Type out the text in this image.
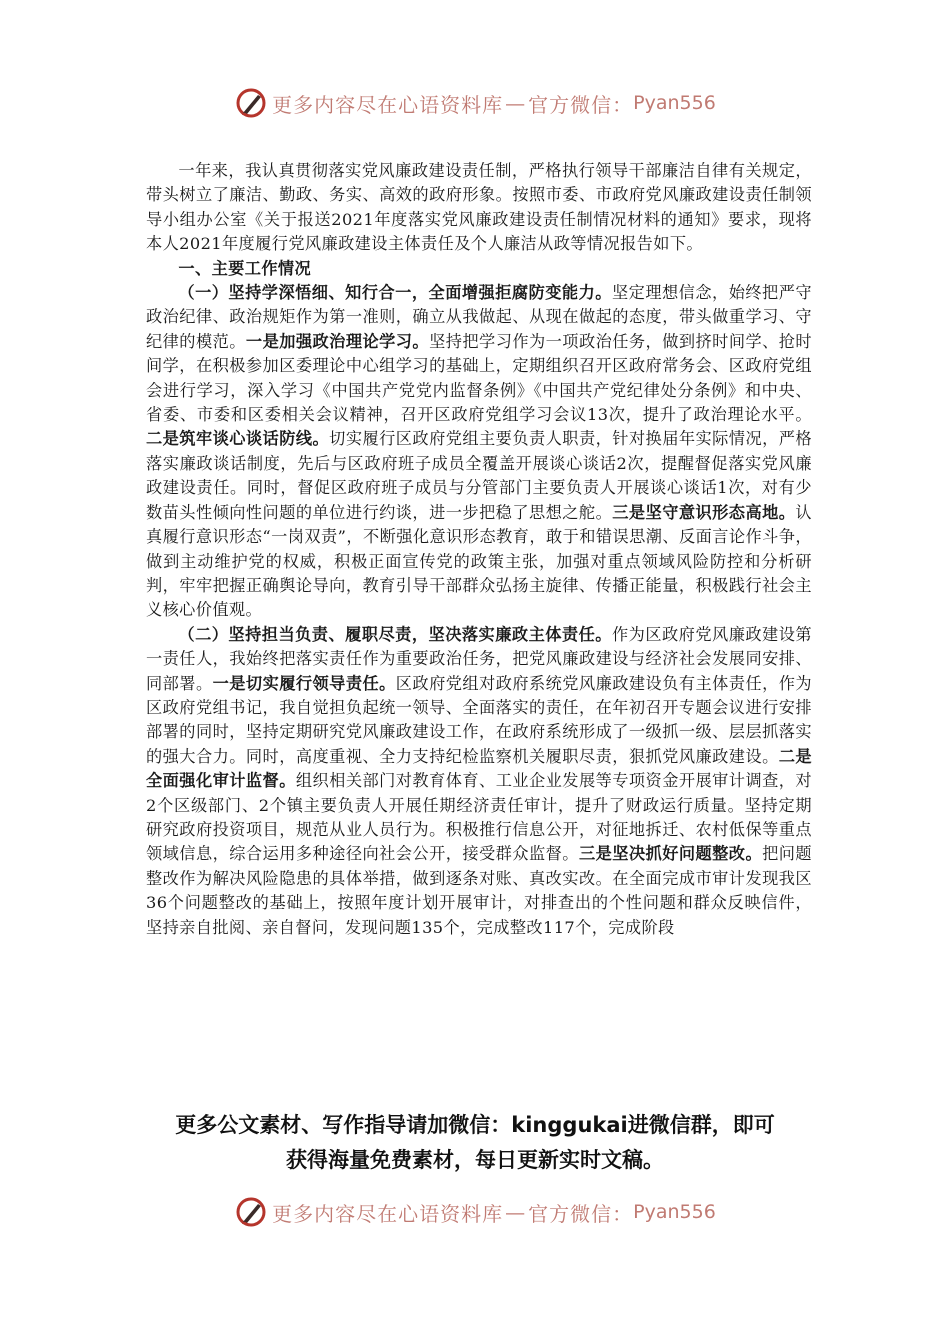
更多内容尽在心语资料库 — 官方微信： Pyan556

一年来，我认真贯彻落实党风廉政建设责任制，严格执行领导干部廉洁自律有关规定，带头树立了廉洁、勤政、务实、高效的政府形象。按照市委、市政府党风廉政建设责任制领导小组办公室《关于报送2021年度落实党风廉政建设责任制情况材料的通知》要求，现将本人2021年度履行党风廉政建设主体责任及个人廉洁从政等情况报告如下。

一、主要工作情况

（一）坚持学深悟细、知行合一，全面增强拒腐防变能力。坚定理想信念，始终把严守政治纪律、政治规矩作为第一准则，确立从我做起、从现在做起的态度，带头做重学习、守纪律的模范。一是加强政治理论学习。坚持把学习作为一项政治任务，做到挤时间学、抢时间学，在积极参加区委理论中心组学习的基础上，定期组织召开区政府常务会、区政府党组会进行学习，深入学习《中国共产党党内监督条例》《中国共产党纪律处分条例》和中央、省委、市委和区委相关会议精神，召开区政府党组学习会议13次，提升了政治理论水平。二是筑牢谈心谈话防线。切实履行区政府党组主要负责人职责，针对换届年实际情况，严格落实廉政谈话制度，先后与区政府班子成员全覆盖开展谈心谈话2次，提醒督促落实党风廉政建设责任。同时，督促区政府班子成员与分管部门主要负责人开展谈心谈话1次，对有少数苗头性倾向性问题的单位进行约谈，进一步把稳了思想之舵。三是坚守意识形态高地。认真履行意识形态“一岗双责”，不断强化意识形态教育，敢于和错误思潮、反面言论作斗争，做到主动维护党的权威，积极正面宣传党的政策主张，加强对重点领域风险防控和分析研判，牢牢把握正确舆论导向，教育引导干部群众弘扬主旋律、传播正能量，积极践行社会主义核心价值观。

（二）坚持担当负责、履职尽责，坚决落实廉政主体责任。作为区政府党风廉政建设第一责任人，我始终把落实责任作为重要政治任务，把党风廉政建设与经济社会发展同安排、同部署。一是切实履行领导责任。区政府党组对政府系统党风廉政建设负有主体责任，作为区政府党组书记，我自觉担负起统一领导、全面落实的责任，在年初召开专题会议进行安排部署的同时，坚持定期研究党风廉政建设工作，在政府系统形成了一级抓一级、层层抓落实的强大合力。同时，高度重视、全力支持纪检监察机关履职尽责，狠抓党风廉政建设。二是全面强化审计监督。组织相关部门对教育体育、工业企业发展等专项资金开展审计调查，对2个区级部门、2个镇主要负责人开展任期经济责任审计，提升了财政运行质量。坚持定期研究政府投资项目，规范从业人员行为。积极推行信息公开，对征地拆迁、农村低保等重点领域信息，综合运用多种途径向社会公开，接受群众监督。三是坚决抓好问题整改。把问题整改作为解决风险隐患的具体举措，做到逐条对账、真改实改。在全面完成市审计发现我区36个问题整改的基础上，按照年度计划开展审计，对排查出的个性问题和群众反映信件，坚持亲自批阅、亲自督问，发现问题135个，完成整改117个，完成阶段

更多公文素材、写作指导请加微信：kinggukai进微信群，即可
获得海量免费素材，每日更新实时文稿。
更多内容尽在心语资料库 — 官方微信： Pyan556
